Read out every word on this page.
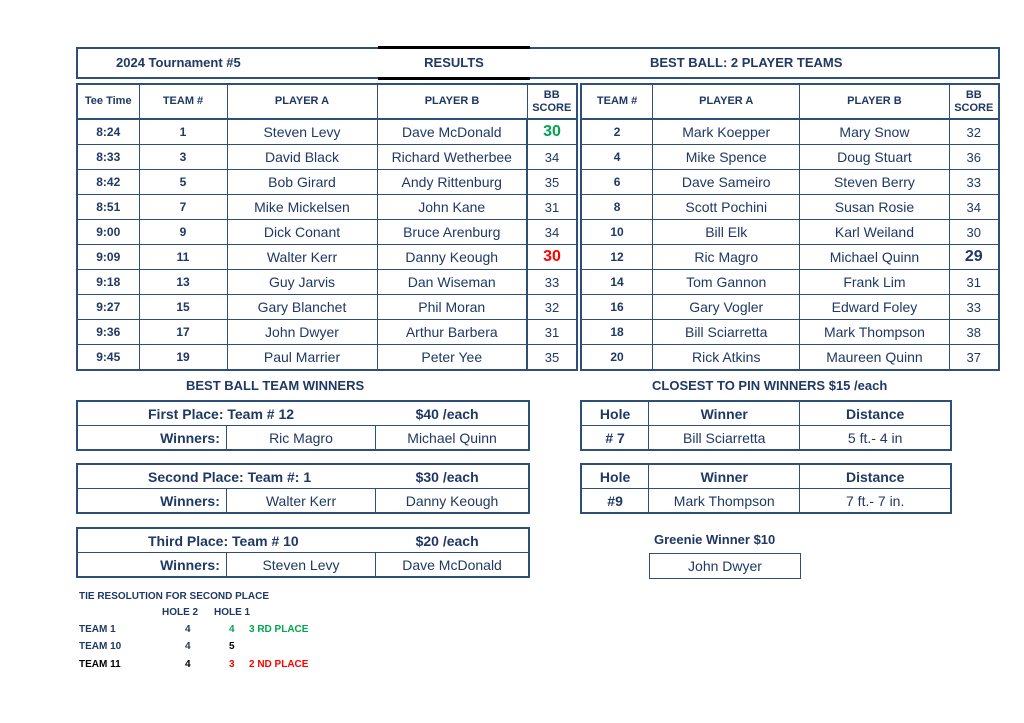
2024 Tournament #5	RESULTS	BEST BALL: 2 PLAYER TEAMS
Tee Time	TEAM #	PLAYER A	PLAYER B	BB
SCORE
8:24	1	Steven Levy	Dave McDonald	30
8:33	3	David Black	Richard Wetherbee	34
8:42	5	Bob Girard	Andy Rittenburg	35
8:51	7	Mike Mickelsen	John Kane	31
9:00	9	Dick Conant	Bruce Arenburg	34
9:09	11	Walter Kerr	Danny Keough	30
9:18	13	Guy Jarvis	Dan Wiseman	33
9:27	15	Gary Blanchet	Phil Moran	32
9:36	17	John Dwyer	Arthur Barbera	31
9:45	19	Paul Marrier	Peter Yee	35
TEAM #	PLAYER A	PLAYER B	BB
SCORE
2	Mark Koepper	Mary Snow	32
4	Mike Spence	Doug Stuart	36
6	Dave Sameiro	Steven Berry	33
8	Scott Pochini	Susan Rosie	34
10	Bill Elk	Karl Weiland	30
12	Ric Magro	Michael Quinn	29
14	Tom Gannon	Frank Lim	31
16	Gary Vogler	Edward Foley	33
18	Bill Sciarretta	Mark Thompson	38
20	Rick Atkins	Maureen Quinn	37
BEST BALL TEAM WINNERS
First Place: Team # 12		$40 /each
Winners:	Ric Magro	Michael Quinn
Second Place: Team #: 1		$30 /each
Winners:	Walter Kerr	Danny Keough
Third Place: Team # 10		$20 /each
Winners:	Steven Levy	Dave McDonald
CLOSEST TO PIN WINNERS $15 /each
Hole	Winner	Distance
# 7	Bill Sciarretta	5 ft.- 4 in
Hole	Winner	Distance
#9	Mark Thompson	7 ft.- 7 in.
Greenie Winner $10
John Dwyer
TIE RESOLUTION FOR SECOND PLACE
HOLE 2 HOLE 1
TEAM 1	4	4 3 RD PLACE
TEAM 10	4	5
TEAM 11	4	3 2 ND PLACE
